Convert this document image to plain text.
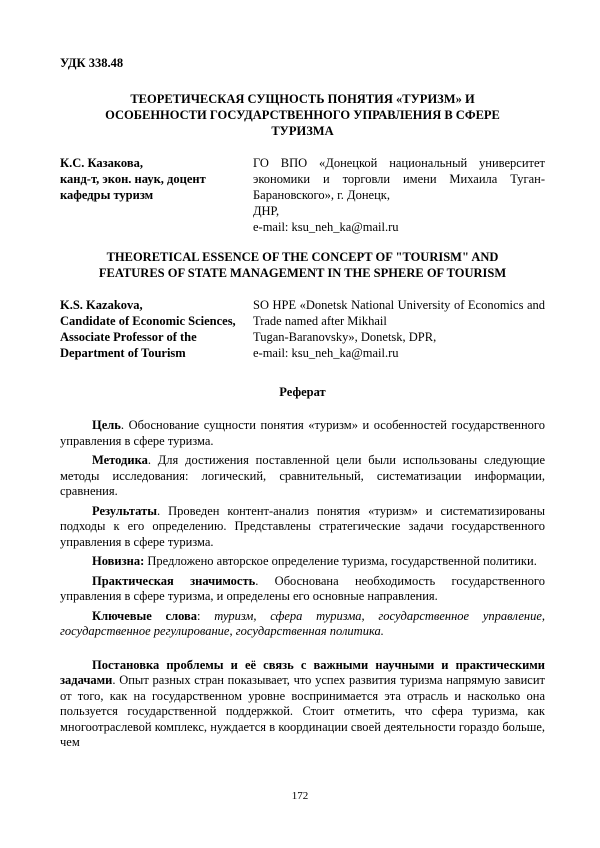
УДК 338.48
ТЕОРЕТИЧЕСКАЯ СУЩНОСТЬ ПОНЯТИЯ «ТУРИЗМ» И
ОСОБЕННОСТИ ГОСУДАРСТВЕННОГО УПРАВЛЕНИЯ В СФЕРЕ
ТУРИЗМА
К.С. Казакова,
канд-т, экон. наук, доцент
кафедры туризм
ГО ВПО «Донецкой национальный университет экономики и торговли имени Михаила Туган-Барановского», г. Донецк,
ДНР,
e-mail: ksu_neh_ka@mail.ru
THEORETICAL ESSENCE OF THE CONCEPT OF "TOURISM" AND
FEATURES OF STATE MANAGEMENT IN THE SPHERE OF TOURISM
K.S. Kazakova,
Candidate of Economic Sciences,
Associate Professor of the
Department of Tourism
SO HPE «Donetsk National University of Economics and Trade named after Mikhail
Tugan-Baranovsky», Donetsk, DPR,
e-mail: ksu_neh_ka@mail.ru
Реферат

Цель. Обоснование сущности понятия «туризм» и особенностей государственного управления в сфере туризма.

Методика. Для достижения поставленной цели были использованы следующие методы исследования: логический, сравнительный, систематизации информации, сравнения.

Результаты. Проведен контент-анализ понятия «туризм» и систематизированы подходы к его определению. Представлены стратегические задачи государственного управления в сфере туризма.

Новизна: Предложено авторское определение туризма, государственной политики.

Практическая значимость. Обоснована необходимость государственного управления в сфере туризма, и определены его основные направления.

Ключевые слова: туризм, сфера туризма, государственное управление, государственное регулирование, государственная политика.

Постановка проблемы и её связь с важными научными и практическими задачами. Опыт разных стран показывает, что успех развития туризма напрямую зависит от того, как на государственном уровне воспринимается эта отрасль и насколько она пользуется государственной поддержкой. Стоит отметить, что сфера туризма, как многоотраслевой комплекс, нуждается в координации своей деятельности гораздо больше, чем

172
